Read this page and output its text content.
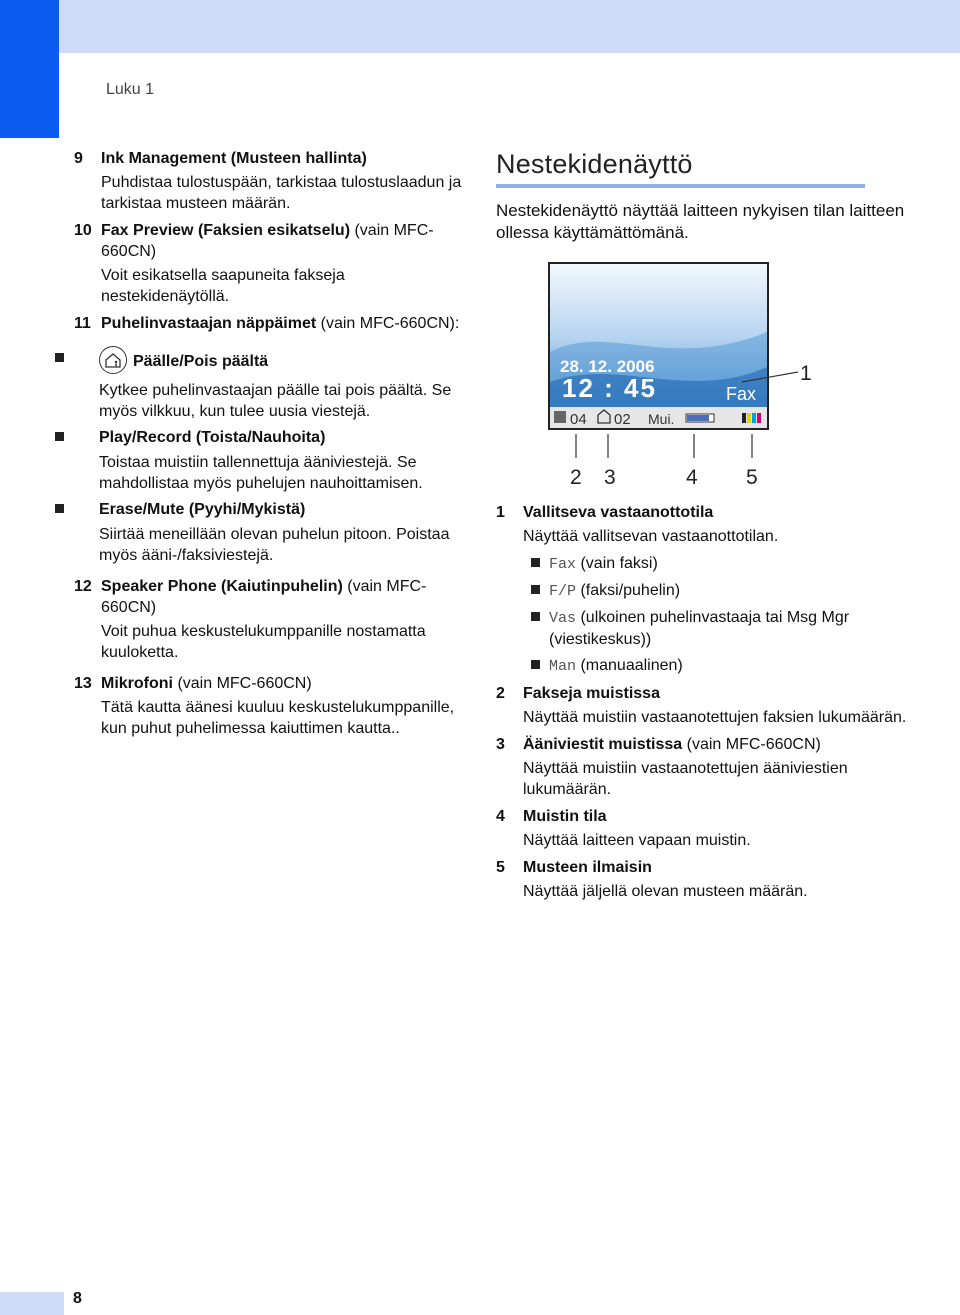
Luku 1
9 Ink Management (Musteen hallinta)

Puhdistaa tulostuspään, tarkistaa tulostuslaadun ja tarkistaa musteen määrän.

10 Fax Preview (Faksien esikatselu) (vain MFC-660CN)

Voit esikatsella saapuneita fakseja nestekidenäytöllä.

11 Puhelinvastaajan näppäimet (vain MFC-660CN):

Päälle/Pois päältä

Kytkee puhelinvastaajan päälle tai pois päältä. Se myös vilkkuu, kun tulee uusia viestejä.

Play/Record (Toista/Nauhoita)

Toistaa muistiin tallennettuja ääniviestejä. Se mahdollistaa myös puhelujen nauhoittamisen.

Erase/Mute (Pyyhi/Mykistä)

Siirtää meneillään olevan puhelun pitoon. Poistaa myös ääni-/faksiviestejä.

12 Speaker Phone (Kaiutinpuhelin) (vain MFC-660CN)

Voit puhua keskustelukumppanille nostamatta kuuloketta.

13 Mikrofoni (vain MFC-660CN)

Tätä kautta äänesi kuuluu keskustelukumppanille, kun puhut puhelimessa kaiuttimen kautta..

Nestekidenäyttö

Nestekidenäyttö näyttää laitteen nykyisen tilan laitteen ollessa käyttämättömänä.

28. 12. 2006
12 : 45	Fax
04 02 Mui.
1
2 3	4 5
1 Vallitseva vastaanottotila

Näyttää vallitsevan vastaanottotilan.

Fax (vain faksi)
F/P (faksi/puhelin)
Vas (ulkoinen puhelinvastaaja tai Msg Mgr (viestikeskus))
Man (manuaalinen)
2 Fakseja muistissa

Näyttää muistiin vastaanotettujen faksien lukumäärän.

3 Ääniviestit muistissa (vain MFC-660CN)

Näyttää muistiin vastaanotettujen ääniviestien lukumäärän.

4 Muistin tila

Näyttää laitteen vapaan muistin.

5 Musteen ilmaisin

Näyttää jäljellä olevan musteen määrän.

8
